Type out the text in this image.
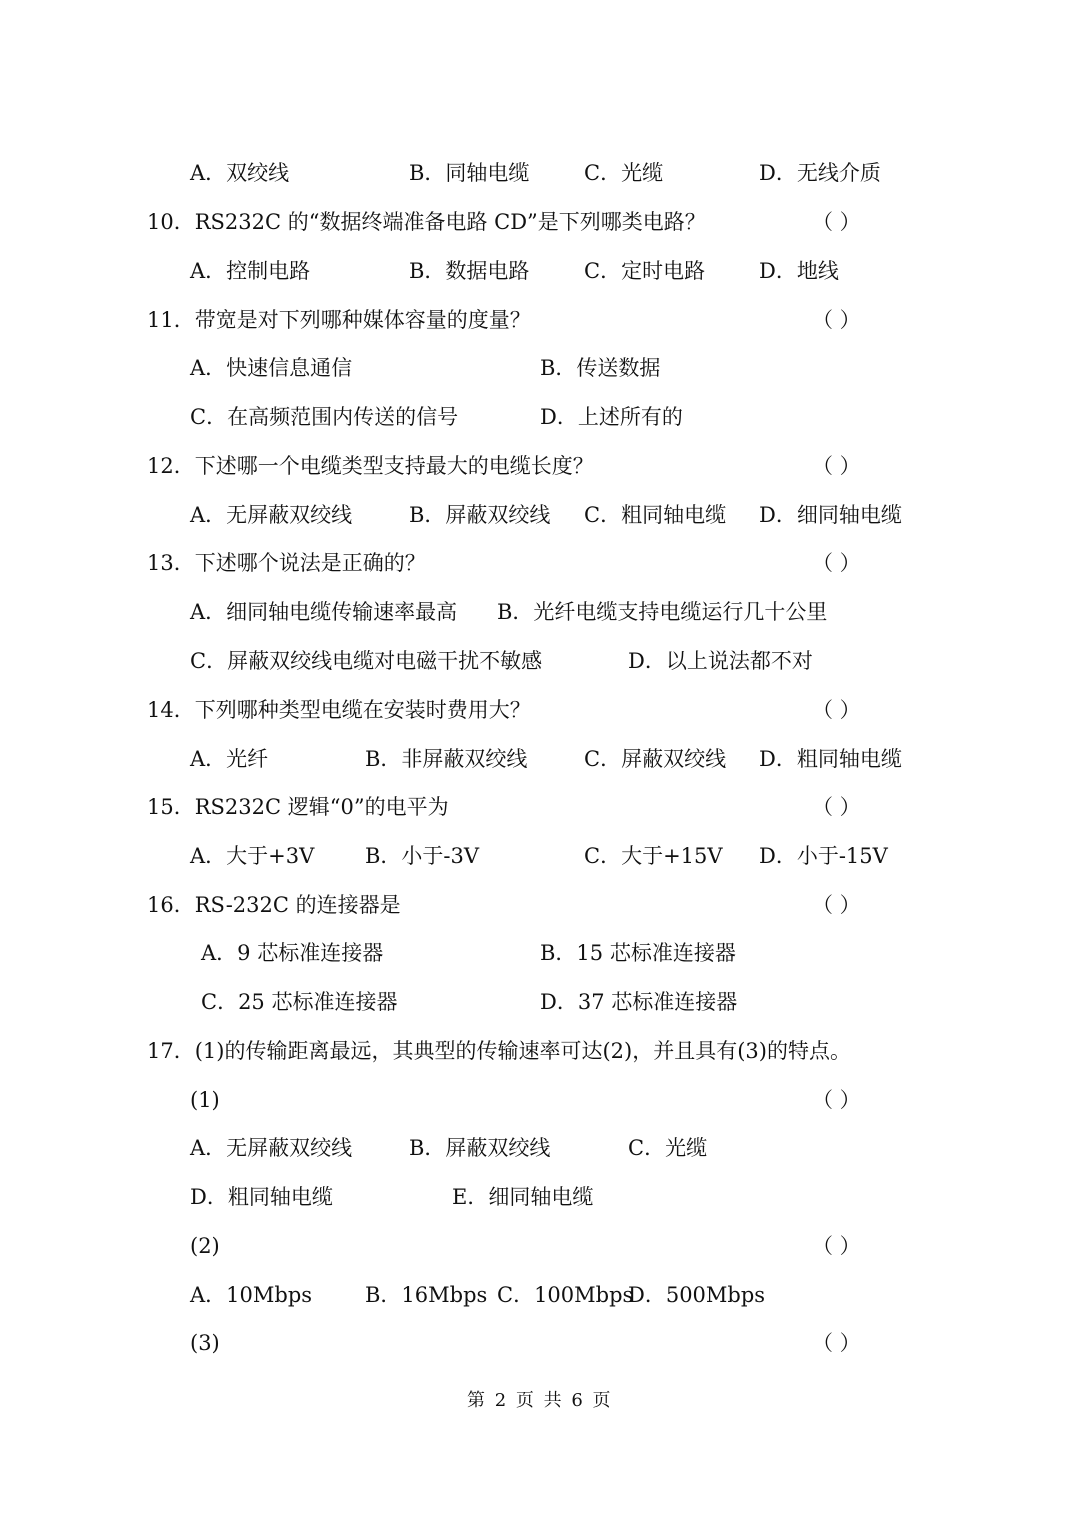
A．双绞线	B．同轴电缆	C．光缆	D．无线介质
10．RS232C 的“数据终端准备电路 CD”是下列哪类电路？	（ ）
A．控制电路	B．数据电路	C．定时电路	D．地线
11．带宽是对下列哪种媒体容量的度量？	（ ）
A．快速信息通信	B．传送数据
C．在高频范围内传送的信号	D．上述所有的
12．下述哪一个电缆类型支持最大的电缆长度？	（ ）
A．无屏蔽双绞线	B．屏蔽双绞线 C．粗同轴电缆 D．细同轴电缆
13．下述哪个说法是正确的？	（ ）
A．细同轴电缆传输速率最高 B．光纤电缆支持电缆运行几十公里
C．屏蔽双绞线电缆对电磁干扰不敏感	D．以上说法都不对
14．下列哪种类型电缆在安装时费用大？	（ ）
A．光纤	B．非屏蔽双绞线	C．屏蔽双绞线 D．粗同轴电缆
15．RS232C 逻辑“0”的电平为	（ ）
A．大于+3V B．小于-3V	C．大于+15V D．小于-15V
16．RS-232C 的连接器是	（ ）
A．9 芯标准连接器	B．15 芯标准连接器
C．25 芯标准连接器	D．37 芯标准连接器
17．(1)的传输距离最远，其典型的传输速率可达(2)，并且具有(3)的特点。
(1)	（ ）
A．无屏蔽双绞线	B．屏蔽双绞线	C．光缆
D．粗同轴电缆	E．细同轴电缆
(2)	（ ）
A．10Mbps	B．16Mbps C．100Mbps
D．500Mbps
(3)	（ ）
第 2 页 共 6 页
